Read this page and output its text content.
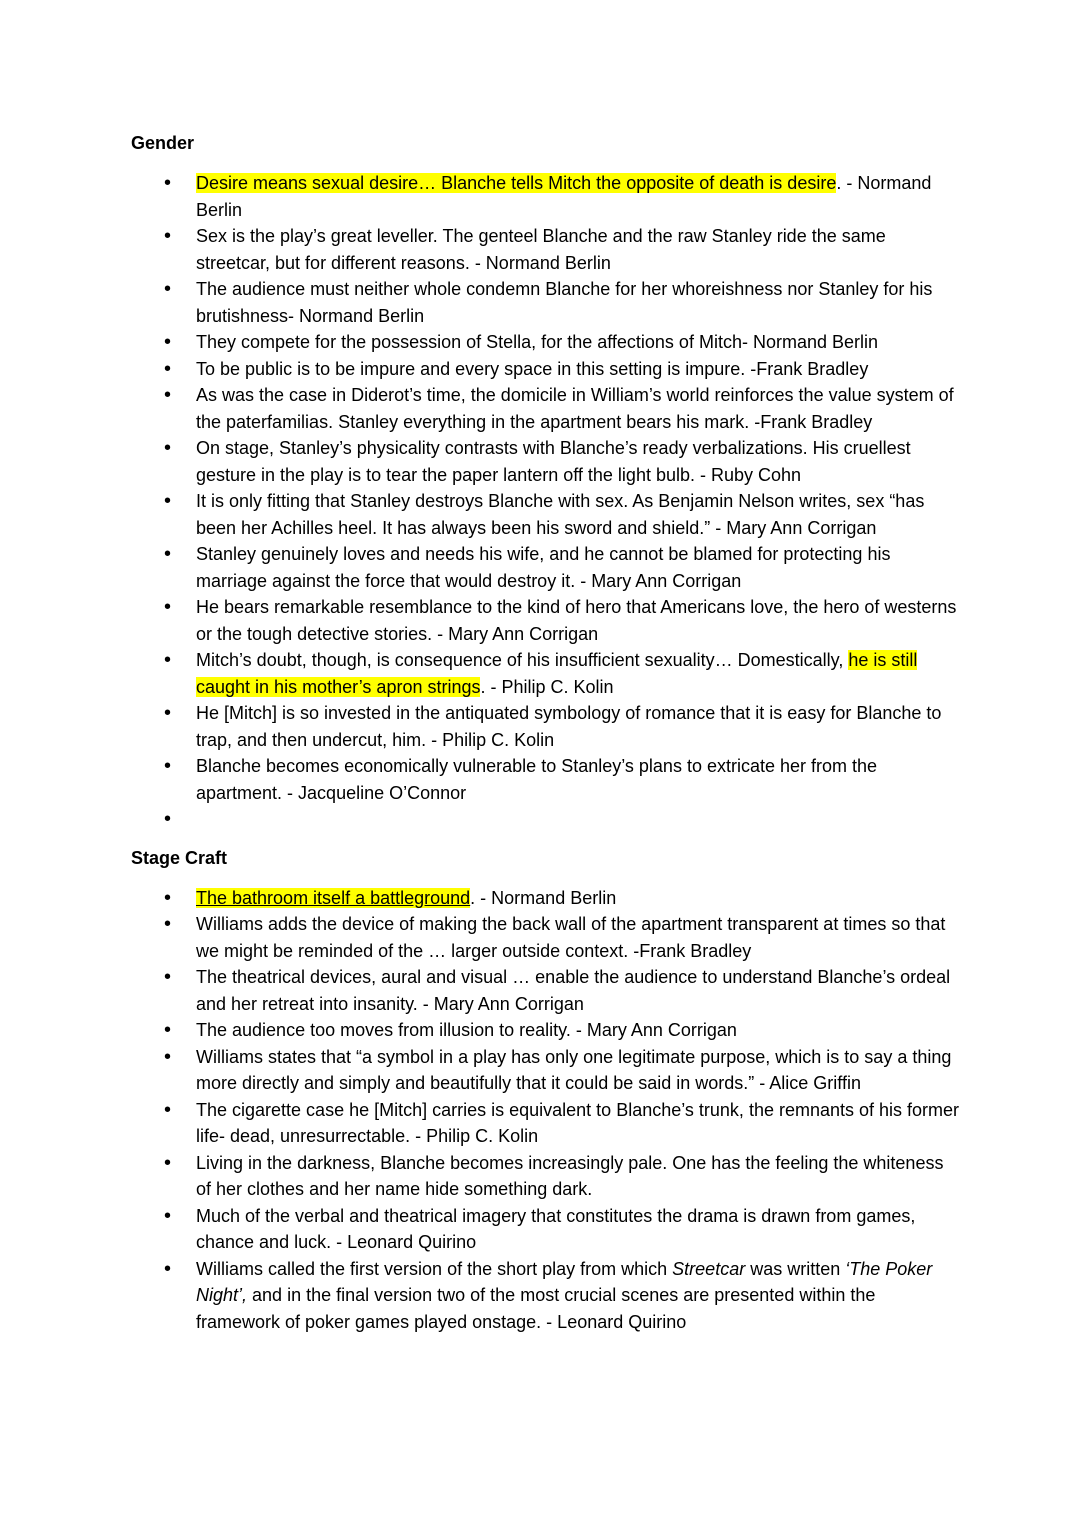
Gender
• Desire means sexual desire… Blanche tells Mitch the opposite of death is desire. - Normand Berlin
• Sex is the play’s great leveller. The genteel Blanche and the raw Stanley ride the same streetcar, but for different reasons. - Normand Berlin
• The audience must neither whole condemn Blanche for her whoreishness nor Stanley for his brutishness- Normand Berlin
• They compete for the possession of Stella, for the affections of Mitch- Normand Berlin
• To be public is to be impure and every space in this setting is impure. -Frank Bradley
• As was the case in Diderot’s time, the domicile in William’s world reinforces the value system of the paterfamilias. Stanley everything in the apartment bears his mark. -Frank Bradley
• On stage, Stanley’s physicality contrasts with Blanche’s ready verbalizations. His cruellest gesture in the play is to tear the paper lantern off the light bulb. - Ruby Cohn
• It is only fitting that Stanley destroys Blanche with sex. As Benjamin Nelson writes, sex “has been her Achilles heel. It has always been his sword and shield.” - Mary Ann Corrigan
• Stanley genuinely loves and needs his wife, and he cannot be blamed for protecting his marriage against the force that would destroy it. - Mary Ann Corrigan
• He bears remarkable resemblance to the kind of hero that Americans love, the hero of westerns or the tough detective stories. - Mary Ann Corrigan
• Mitch’s doubt, though, is consequence of his insufficient sexuality… Domestically, he is still caught in his mother’s apron strings. - Philip C. Kolin
• He [Mitch] is so invested in the antiquated symbology of romance that it is easy for Blanche to trap, and then undercut, him. - Philip C. Kolin
• Blanche becomes economically vulnerable to Stanley’s plans to extricate her from the apartment. - Jacqueline O’Connor
•
Stage Craft
• The bathroom itself a battleground. - Normand Berlin
• Williams adds the device of making the back wall of the apartment transparent at times so that we might be reminded of the … larger outside context. -Frank Bradley
• The theatrical devices, aural and visual … enable the audience to understand Blanche’s ordeal and her retreat into insanity. - Mary Ann Corrigan
• The audience too moves from illusion to reality. - Mary Ann Corrigan
• Williams states that “a symbol in a play has only one legitimate purpose, which is to say a thing more directly and simply and beautifully that it could be said in words.” - Alice Griffin
• The cigarette case he [Mitch] carries is equivalent to Blanche’s trunk, the remnants of his former life- dead, unresurrectable. - Philip C. Kolin
• Living in the darkness, Blanche becomes increasingly pale. One has the feeling the whiteness of her clothes and her name hide something dark.
• Much of the verbal and theatrical imagery that constitutes the drama is drawn from games, chance and luck. - Leonard Quirino
• Williams called the first version of the short play from which Streetcar was written ‘The Poker Night’, and in the final version two of the most crucial scenes are presented within the framework of poker games played onstage. - Leonard Quirino
